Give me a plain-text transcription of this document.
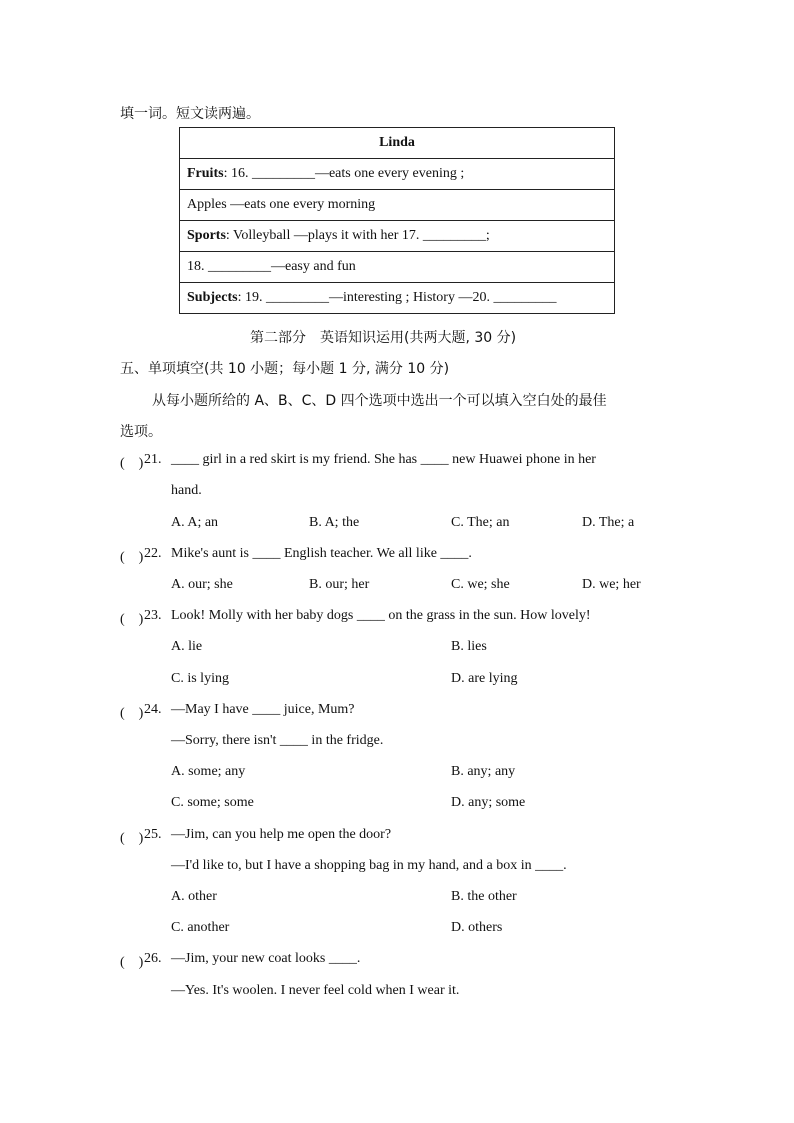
填一词。短文读两遍。
Linda
Fruits: 16. _________—eats one every evening ;
Apples —eats one every morning
Sports: Volleyball —plays it with her 17. _________;
18. _________—easy and fun
Subjects: 19. _________—interesting ; History —20. _________
第二部分　英语知识运用(共两大题, 30 分)
五、单项填空(共 10 小题；每小题 1 分, 满分 10 分)
从每小题所给的 A、B、C、D 四个选项中选出一个可以填入空白处的最佳
选项。
(　) 21. ____ girl in a red skirt is my friend. She has ____ new Huawei phone in her
hand.
A. A; an	B. A; the	C. The; an	D. The; a
(　) 22. Mike's aunt is ____ English teacher. We all like ____.
A. our; she	B. our; her	C. we; she	D. we; her
(　) 23. Look! Molly with her baby dogs ____ on the grass in the sun. How lovely!
A. lie	B. lies
C. is lying	D. are lying
(　) 24. —May I have ____ juice, Mum?
—Sorry, there isn't ____ in the fridge.
A. some; any	B. any; any
C. some; some	D. any; some
(　) 25. —Jim, can you help me open the door?
—I'd like to, but I have a shopping bag in my hand, and a box in ____.
A. other	B. the other
C. another	D. others
(　) 26. —Jim, your new coat looks ____.
—Yes. It's woolen. I never feel cold when I wear it.
